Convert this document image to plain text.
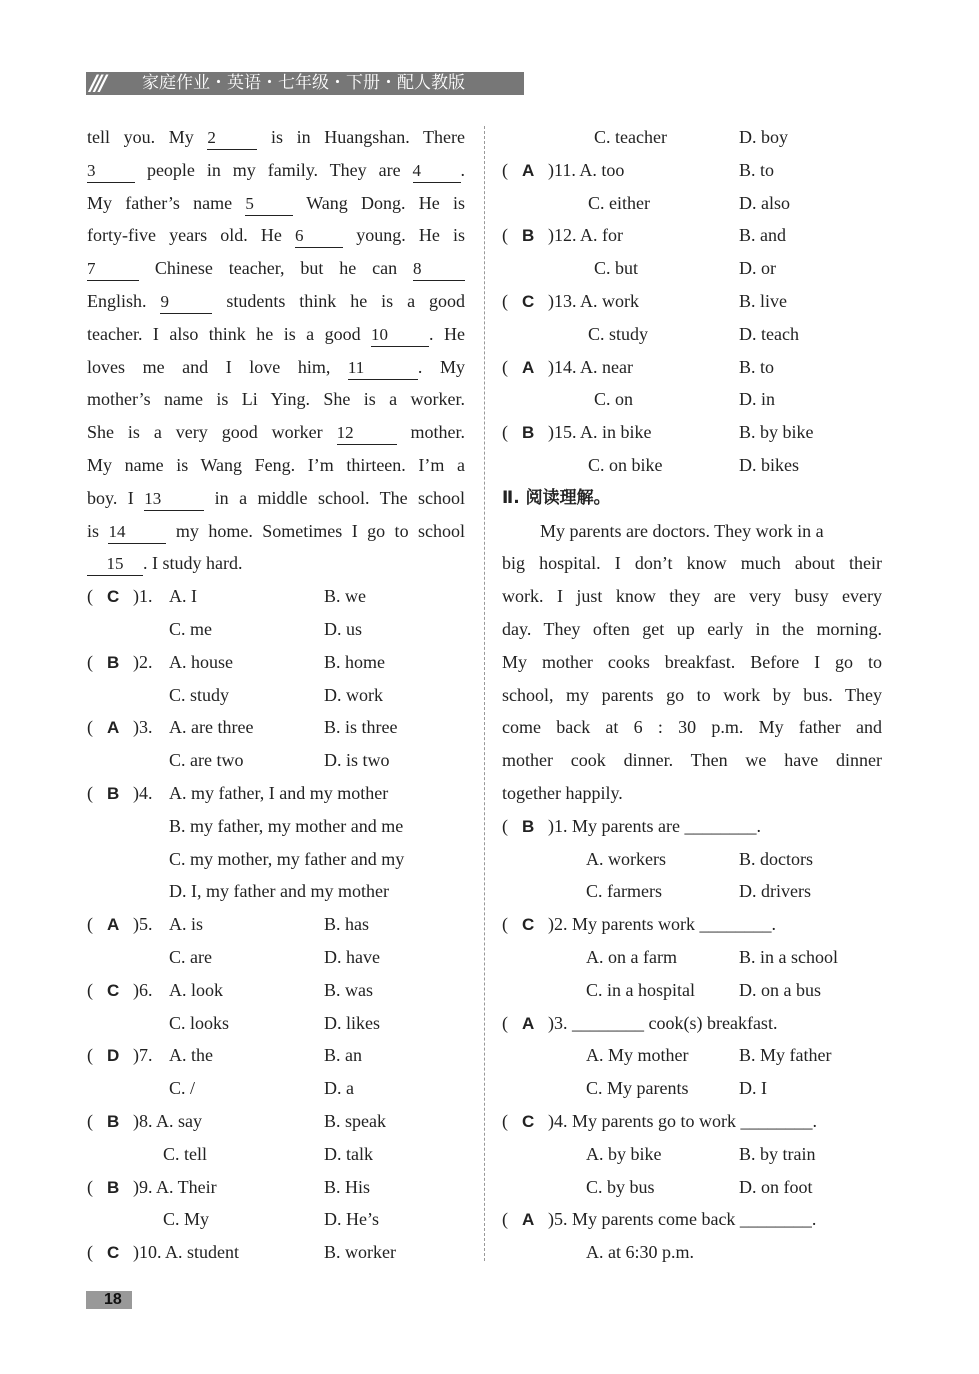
/// 家庭作业・英语・七年级・下册・配人教版
tell you. My 2 is in Huangshan. There
3 people in my family. They are 4 .
My father’s name 5 Wang Dong. He is
forty-five years old. He 6 young. He is
7 Chinese teacher, but he can 8
English. 9 students think he is a good
teacher. I also think he is a good 10 . He
loves me and I love him, 11	. My
mother’s name is Li Ying. She is a worker.
She is a very good worker 12 mother.
My name is Wang Feng. I’m thirteen. I’m a
boy. I 13 in a middle school. The school
is 14 my home. Sometimes I go to school
15 . I study hard.
( C )1. A. I	B. we
C. me	D. us
( B )2. A. house	B. home
C. study	D. work
( A )3. A. are three	B. is three
C. are two	D. is two
( B )4. A. my father, I and my mother
B. my father, my mother and me
C. my mother, my father and my
D. I, my father and my mother
( A )5. A. is	B. has
C. are	D. have
( C )6. A. look	B. was
C. looks	D. likes
( D )7. A. the	B. an
C. /	D. a
( B )8. A. say	B. speak
C. tell	D. talk
( B )9. A. Their	B. His
C. My	D. He’s
( C )10. A. student	B. worker
C. teacher	D. boy
( A )11. A. too	B. to
C. either	D. also
( B )12. A. for	B. and
C. but	D. or
( C )13. A. work	B. live
C. study	D. teach
( A )14. A. near	B. to
C. on	D. in
( B )15. A. in bike	B. by bike
C. on bike	D. bikes
Ⅱ. 阅读理解。
My parents are doctors. They work in a
big hospital. I don’t know much about their
work. I just know they are very busy every
day. They often get up early in the morning.
My mother cooks breakfast. Before I go to
school, my parents go to work by bus. They
come back at 6 : 30 p.m. My father and
mother cook dinner. Then we have dinner
together happily.
( B )1. My parents are ________.
A. workers	B. doctors
C. farmers	D. drivers
( C )2. My parents work ________.
A. on a farm	B. in a school
C. in a hospital D. on a bus
( A )3. ________ cook(s) breakfast.
A. My mother	B. My father
C. My parents	D. I
( C )4. My parents go to work ________.
A. by bike	B. by train
C. by bus	D. on foot
( A )5. My parents come back ________.
A. at 6:30 p.m.
18
